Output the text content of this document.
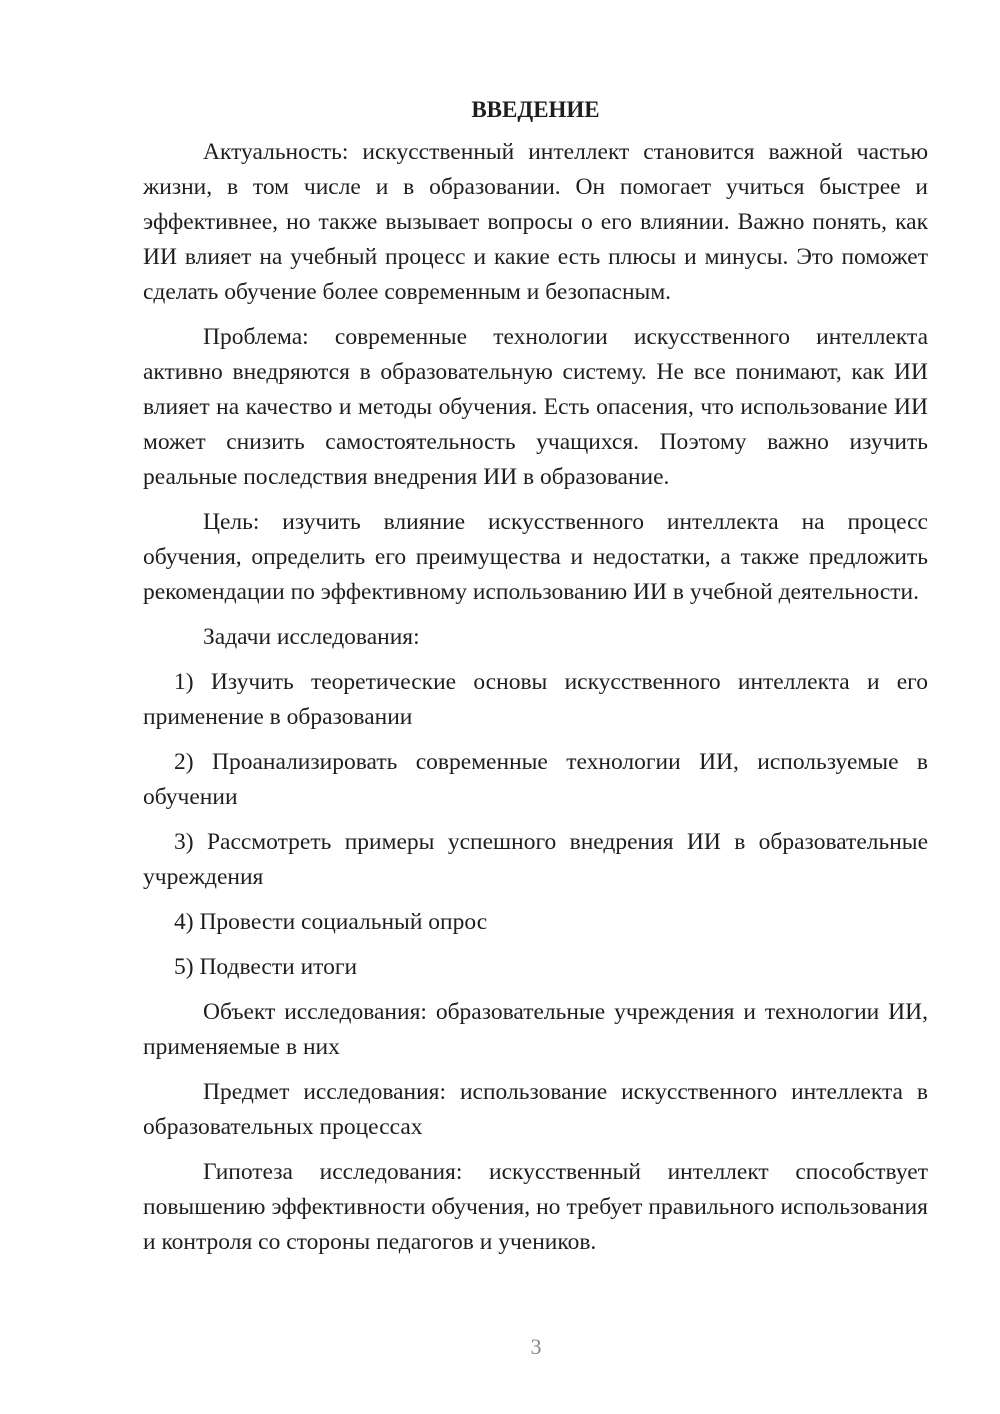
ВВЕДЕНИЕ

Актуальность: искусственный интеллект становится важной частью жизни, в том числе и в образовании. Он помогает учиться быстрее и эффективнее, но также вызывает вопросы о его влиянии. Важно понять, как ИИ влияет на учебный процесс и какие есть плюсы и минусы. Это поможет сделать обучение более современным и безопасным.

Проблема: современные технологии искусственного интеллекта активно внедряются в образовательную систему. Не все понимают, как ИИ влияет на качество и методы обучения. Есть опасения, что использование ИИ может снизить самостоятельность учащихся. Поэтому важно изучить реальные последствия внедрения ИИ в образование.

Цель: изучить влияние искусственного интеллекта на процесс обучения, определить его преимущества и недостатки, а также предложить рекомендации по эффективному использованию ИИ в учебной деятельности.

Задачи исследования:

1) Изучить теоретические основы искусственного интеллекта и его применение в образовании

2) Проанализировать современные технологии ИИ, используемые в обучении

3) Рассмотреть примеры успешного внедрения ИИ в образовательные учреждения

4) Провести социальный опрос

5) Подвести итоги

Объект исследования: образовательные учреждения и технологии ИИ, применяемые в них

Предмет исследования: использование искусственного интеллекта в образовательных процессах

Гипотеза исследования: искусственный интеллект способствует повышению эффективности обучения, но требует правильного использования и контроля со стороны педагогов и учеников.

3
